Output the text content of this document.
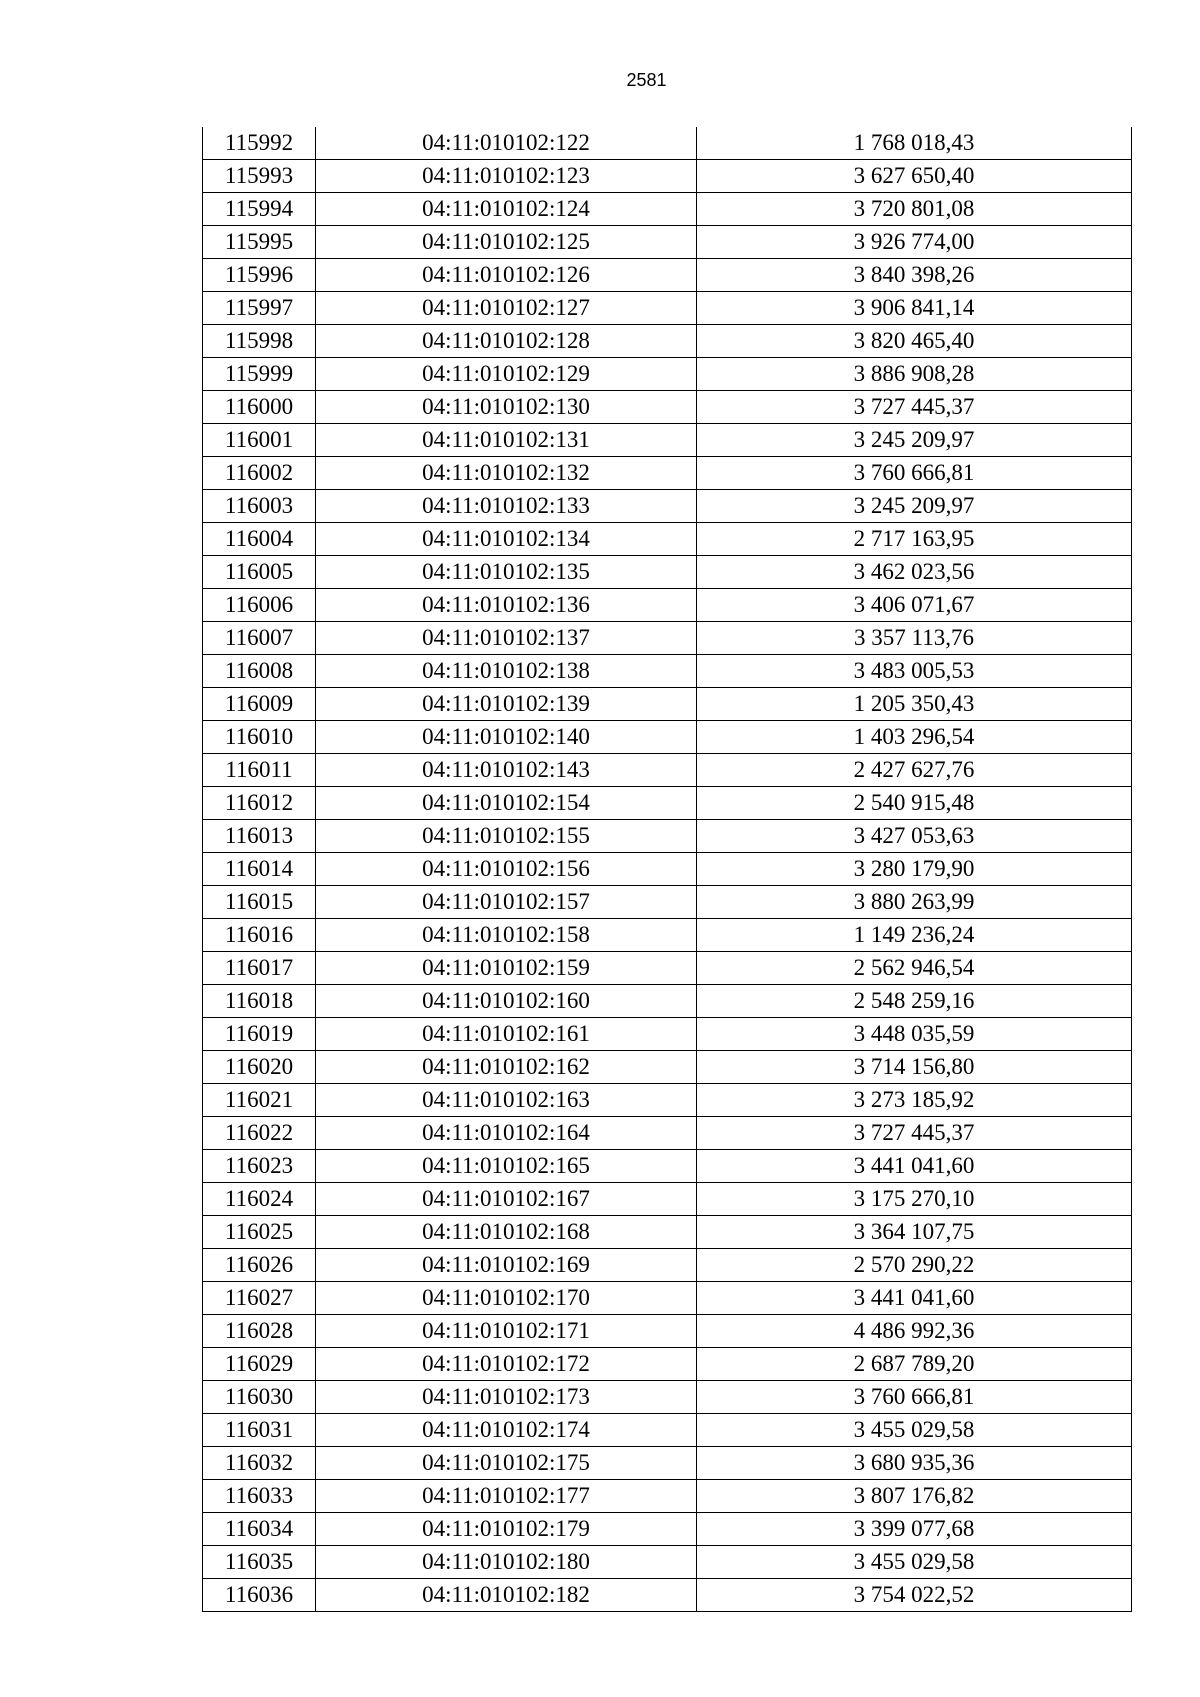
2581
115992	04:11:010102:122	1 768 018,43
115993	04:11:010102:123	3 627 650,40
115994	04:11:010102:124	3 720 801,08
115995	04:11:010102:125	3 926 774,00
115996	04:11:010102:126	3 840 398,26
115997	04:11:010102:127	3 906 841,14
115998	04:11:010102:128	3 820 465,40
115999	04:11:010102:129	3 886 908,28
116000	04:11:010102:130	3 727 445,37
116001	04:11:010102:131	3 245 209,97
116002	04:11:010102:132	3 760 666,81
116003	04:11:010102:133	3 245 209,97
116004	04:11:010102:134	2 717 163,95
116005	04:11:010102:135	3 462 023,56
116006	04:11:010102:136	3 406 071,67
116007	04:11:010102:137	3 357 113,76
116008	04:11:010102:138	3 483 005,53
116009	04:11:010102:139	1 205 350,43
116010	04:11:010102:140	1 403 296,54
116011	04:11:010102:143	2 427 627,76
116012	04:11:010102:154	2 540 915,48
116013	04:11:010102:155	3 427 053,63
116014	04:11:010102:156	3 280 179,90
116015	04:11:010102:157	3 880 263,99
116016	04:11:010102:158	1 149 236,24
116017	04:11:010102:159	2 562 946,54
116018	04:11:010102:160	2 548 259,16
116019	04:11:010102:161	3 448 035,59
116020	04:11:010102:162	3 714 156,80
116021	04:11:010102:163	3 273 185,92
116022	04:11:010102:164	3 727 445,37
116023	04:11:010102:165	3 441 041,60
116024	04:11:010102:167	3 175 270,10
116025	04:11:010102:168	3 364 107,75
116026	04:11:010102:169	2 570 290,22
116027	04:11:010102:170	3 441 041,60
116028	04:11:010102:171	4 486 992,36
116029	04:11:010102:172	2 687 789,20
116030	04:11:010102:173	3 760 666,81
116031	04:11:010102:174	3 455 029,58
116032	04:11:010102:175	3 680 935,36
116033	04:11:010102:177	3 807 176,82
116034	04:11:010102:179	3 399 077,68
116035	04:11:010102:180	3 455 029,58
116036	04:11:010102:182	3 754 022,52
